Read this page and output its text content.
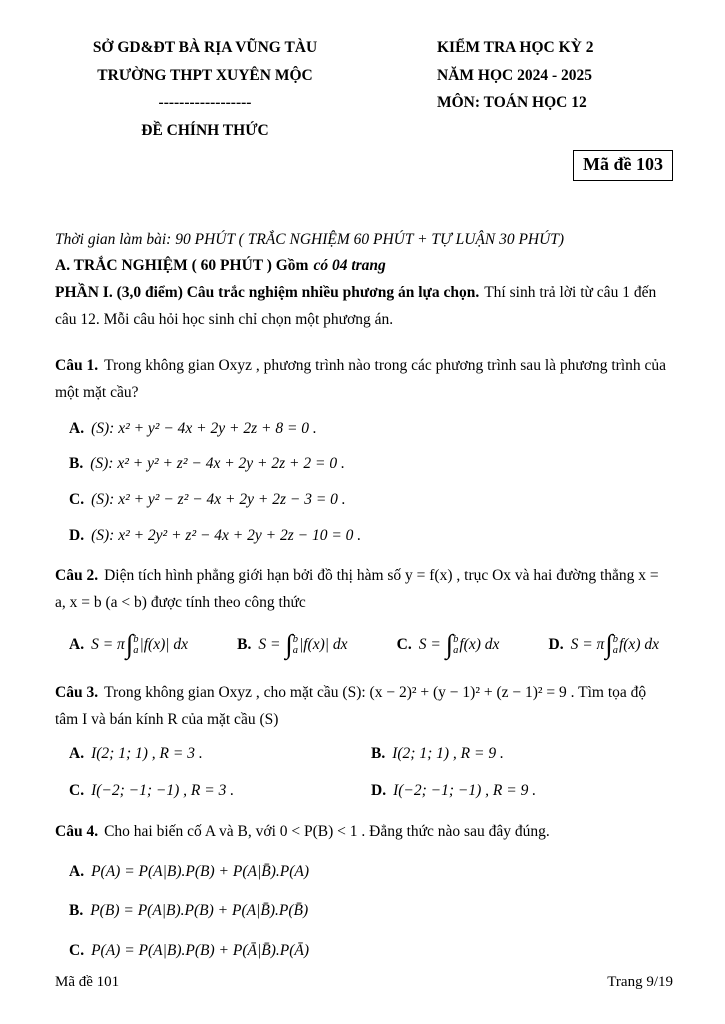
SỞ GD&ĐT BÀ RỊA VŨNG TÀU
TRƯỜNG THPT XUYÊN MỘC
------------------
ĐỀ CHÍNH THỨC
KIỂM TRA HỌC KỲ 2
NĂM HỌC 2024 - 2025
MÔN: TOÁN HỌC 12
Mã đề 103

Thời gian làm bài: 90 PHÚT ( TRẮC NGHIỆM 60 PHÚT + TỰ LUẬN 30 PHÚT)

A. TRẮC NGHIỆM ( 60 PHÚT ) Gồm có 04 trang

PHẦN I. (3,0 điểm) Câu trắc nghiệm nhiều phương án lựa chọn. Thí sinh trả lời từ câu 1 đến câu 12. Mỗi câu hỏi học sinh chỉ chọn một phương án.

Câu 1. Trong không gian Oxyz , phương trình nào trong các phương trình sau là phương trình của một mặt cầu?

A. (S): x² + y² − 4x + 2y + 2z + 8 = 0 .
B. (S): x² + y² + z² − 4x + 2y + 2z + 2 = 0 .
C. (S): x² + y² − z² − 4x + 2y + 2z − 3 = 0 .
D. (S): x² + 2y² + z² − 4x + 2y + 2z − 10 = 0 .

Câu 2. Diện tích hình phẳng giới hạn bởi đồ thị hàm số y = f(x) , trục Ox và hai đường thẳng x = a, x = b (a < b) được tính theo công thức

A. S = π ∫ b
a |f(x)| dx	B. S = ∫ b
a |f(x)| dx	C. S = ∫ b
a f(x) dx	D. S = π ∫ b
a f(x) dx

Câu 3. Trong không gian Oxyz , cho mặt cầu (S): (x − 2)² + (y − 1)² + (z − 1)² = 9 . Tìm tọa độ tâm I và bán kính R của mặt cầu (S)

A. I(2; 1; 1) , R = 3 .	B. I(2; 1; 1) , R = 9 .
C. I(−2; −1; −1) , R = 3 .	D. I(−2; −1; −1) , R = 9 .

Câu 4. Cho hai biến cố A và B, với 0 < P(B) < 1 . Đẳng thức nào sau đây đúng.

A. P(A) = P(A|B).P(B) + P(A|B̄).P(A)
B. P(B) = P(A|B).P(B) + P(A|B̄).P(B̄)
C. P(A) = P(A|B).P(B) + P(Ā|B̄).P(Ā)
Mã đề 101	Trang 9/19
